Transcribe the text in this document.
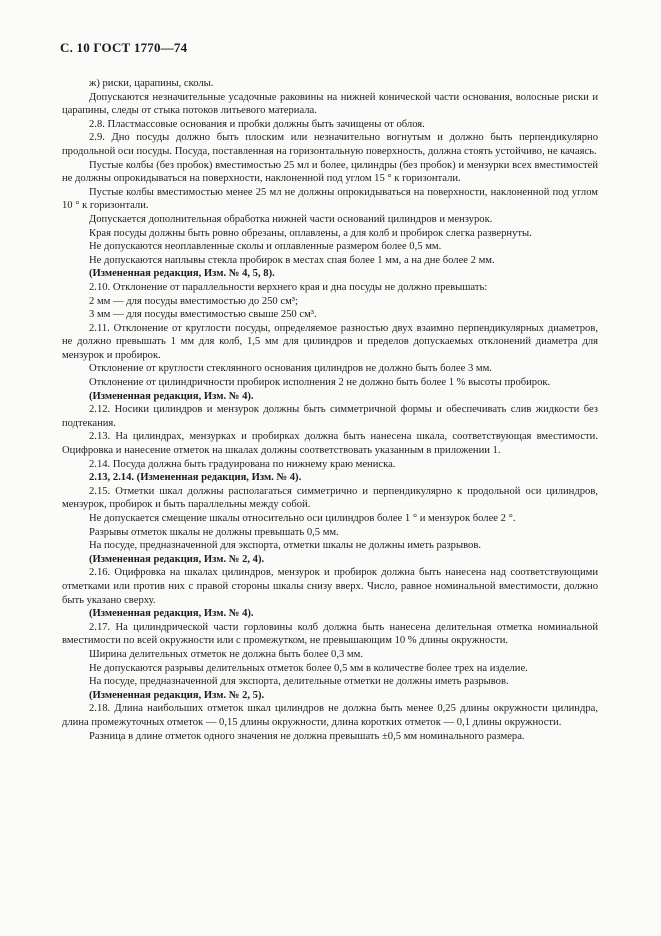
С. 10 ГОСТ 1770—74

ж) риски, царапины, сколы.

Допускаются незначительные усадочные раковины на нижней конической части основания, волосные риски и царапины, следы от стыка потоков литьевого материала.

2.8. Пластмассовые основания и пробки должны быть зачищены от облоя.

2.9. Дно посуды должно быть плоским или незначительно вогнутым и должно быть перпендикулярно продольной оси посуды. Посуда, поставленная на горизонтальную поверхность, должна стоять устойчиво, не качаясь.

Пустые колбы (без пробок) вместимостью 25 мл и более, цилиндры (без пробок) и мензурки всех вместимостей не должны опрокидываться на поверхности, наклоненной под углом 15 ° к горизонтали.

Пустые колбы вместимостью менее 25 мл не должны опрокидываться на поверхности, наклоненной под углом 10 ° к горизонтали.

Допускается дополнительная обработка нижней части оснований цилиндров и мензурок.

Края посуды должны быть ровно обрезаны, оплавлены, а для колб и пробирок слегка развернуты.

Не допускаются неоплавленные сколы и оплавленные размером более 0,5 мм.

Не допускаются наплывы стекла пробирок в местах спая более 1 мм, а на дне более 2 мм.

(Измененная редакция, Изм. № 4, 5, 8).

2.10. Отклонение от параллельности верхнего края и дна посуды не должно превышать:

2 мм — для посуды вместимостью до 250 см³;

3 мм — для посуды вместимостью свыше 250 см³.

2.11. Отклонение от круглости посуды, определяемое разностью двух взаимно перпендикулярных диаметров, не должно превышать 1 мм для колб, 1,5 мм для цилиндров и пределов допускаемых отклонений диаметра для мензурок и пробирок.

Отклонение от круглости стеклянного основания цилиндров не должно быть более 3 мм.

Отклонение от цилиндричности пробирок исполнения 2 не должно быть более 1 % высоты пробирок.

(Измененная редакция, Изм. № 4).

2.12. Носики цилиндров и мензурок должны быть симметричной формы и обеспечивать слив жидкости без подтекания.

2.13. На цилиндрах, мензурках и пробирках должна быть нанесена шкала, соответствующая вместимости. Оцифровка и нанесение отметок на шкалах должны соответствовать указанным в приложении 1.

2.14. Посуда должна быть градуирована по нижнему краю мениска.

2.13, 2.14. (Измененная редакция, Изм. № 4).

2.15. Отметки шкал должны располагаться симметрично и перпендикулярно к продольной оси цилиндров, мензурок, пробирок и быть параллельны между собой.

Не допускается смещение шкалы относительно оси цилиндров более 1 ° и мензурок более 2 °.

Разрывы отметок шкалы не должны превышать 0,5 мм.

На посуде, предназначенной для экспорта, отметки шкалы не должны иметь разрывов.

(Измененная редакция, Изм. № 2, 4).

2.16. Оцифровка на шкалах цилиндров, мензурок и пробирок должна быть нанесена над соответствующими отметками или против них с правой стороны шкалы снизу вверх. Число, равное номинальной вместимости, должно быть указано сверху.

(Измененная редакция, Изм. № 4).

2.17. На цилиндрической части горловины колб должна быть нанесена делительная отметка номинальной вместимости по всей окружности или с промежутком, не превышающим 10 % длины окружности.

Ширина делительных отметок не должна быть более 0,3 мм.

Не допускаются разрывы делительных отметок более 0,5 мм в количестве более трех на изделие.

На посуде, предназначенной для экспорта, делительные отметки не должны иметь разрывов.

(Измененная редакция, Изм. № 2, 5).

2.18. Длина наибольших отметок шкал цилиндров не должна быть менее 0,25 длины окружности цилиндра, длина промежуточных отметок — 0,15 длины окружности, длина коротких отметок — 0,1 длины окружности.

Разница в длине отметок одного значения не должна превышать ±0,5 мм номинального размера.
